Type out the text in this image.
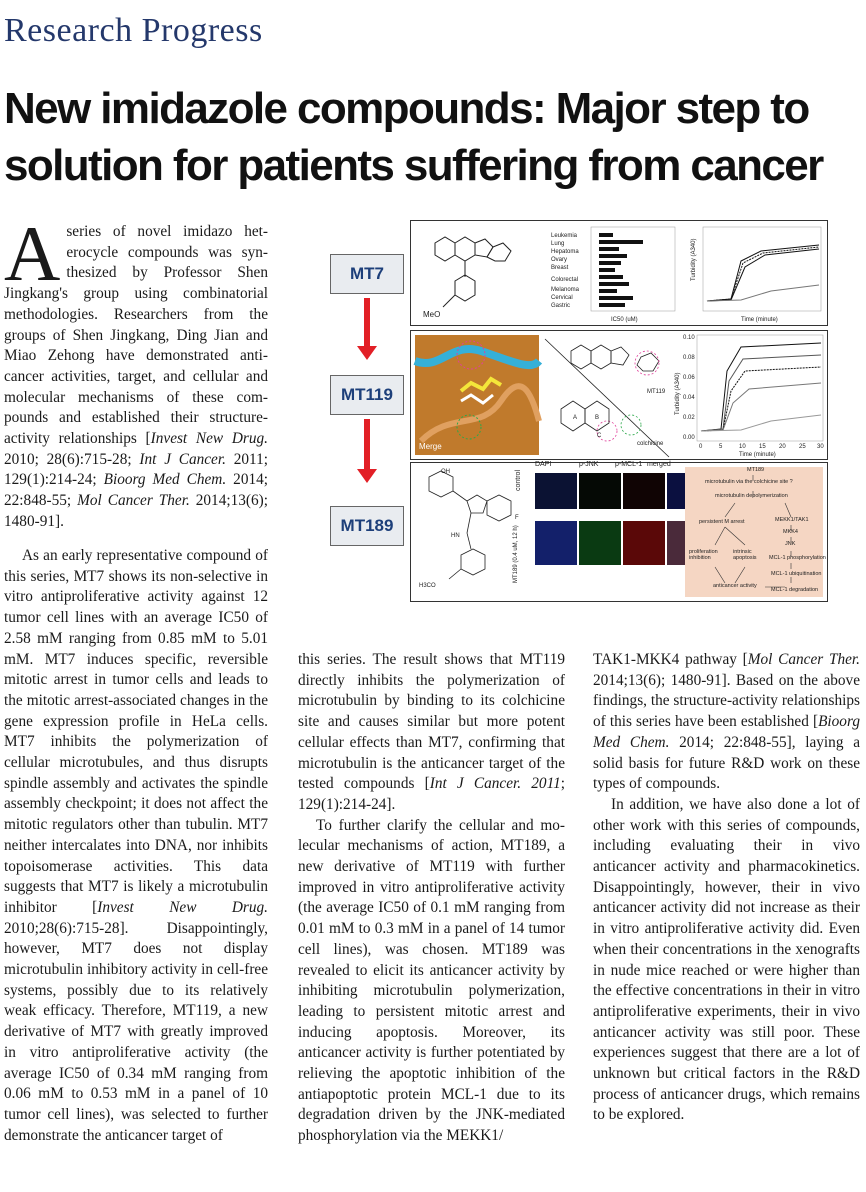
Research Progress
New imidazole compounds: Major step to solution for patients suffering from cancer
MT7
MT119
MT189
MeO
Leukemia
Lung
Hepatoma
Ovary
Breast
Colorectal
Melanoma
Cervical
Gastric
IC50 (uM)	Time (minute)
Turbidity (A340)
Merge
A	B
C
MT119
colchicine
0.10
0.08
0.06
0.04
0.02
0.00
0	5	10 15 20 25 30
Time (minute)
Turbidity (A340)
OH
HN
F
H3CO
DAPI	p-JNK p-MCL-1 merged
control
MT189 (0.4 uM, 12 h)
MT189
microtubulin via the colchicine site ?
microtubulin depolymerization
persistent M arrest	MEKK1/TAK1
MKK4
JNK
proliferation inhibition
intrinsic apoptosis	MCL-1 phosphorylation
MCL-1 ubiquitination
anticancer activity
MCL-1 degradation

Aseries of novel imidazo heterocycle compounds was synthesized by Professor Shen Jingkang's group using combinatorial methodologies. Researchers from the groups of Shen Jingkang, Ding Jian and Miao Zehong have demonstrated anticancer activities, target, and cellular and molecular mechanisms of these compounds and established their structure-activity relationships [Invest New Drug. 2010; 28(6):715-28; Int J Cancer. 2011; 129(1):214-24; Bioorg Med Chem. 2014; 22:848-55; Mol Cancer Ther. 2014;13(6); 1480-91].

As an early representative compound of this series, MT7 shows its non-selective in vitro antiproliferative activity against 12 tumor cell lines with an average IC50 of 2.58 mM ranging from 0.85 mM to 5.01 mM. MT7 induces specific, reversible mitotic arrest in tumor cells and leads to the mitotic arrest-associated changes in the gene expression profile in HeLa cells. MT7 inhibits the polymerization of cellular microtubules, and thus disrupts spindle assembly and activates the spindle assembly checkpoint; it does not affect the mitotic regulators other than tubulin. MT7 neither intercalates into DNA, nor inhibits topoisomerase activities. This data suggests that MT7 is likely a microtubulin inhibitor [Invest New Drug. 2010;28(6):715-28]. Disappointingly, however, MT7 does not display microtubulin inhibitory activity in cell-free systems, possibly due to its relatively weak efficacy. Therefore, MT119, a new derivative of MT7 with greatly improved in vitro antiproliferative activity (the average IC50 of 0.34 mM ranging from 0.06 mM to 0.53 mM in a panel of 10 tumor cell lines), was selected to further demonstrate the anticancer target of

this series. The result shows that MT119 directly inhibits the polymerization of microtubulin by binding to its colchicine site and causes similar but more potent cellular effects than MT7, confirming that microtubulin is the anticancer target of the tested compounds [Int J Cancer. 2011; 129(1):214-24].

To further clarify the cellular and molecular mechanisms of action, MT189, a new derivative of MT119 with further improved in vitro antiproliferative activity (the average IC50 of 0.1 mM ranging from 0.01 mM to 0.3 mM in a panel of 14 tumor cell lines), was chosen. MT189 was revealed to elicit its anticancer activity by inhibiting microtubulin polymerization, leading to persistent mitotic arrest and inducing apoptosis. Moreover, its anticancer activity is further potentiated by relieving the apoptotic inhibition of the antiapoptotic protein MCL-1 due to its degradation driven by the JNK-mediated phosphorylation via the MEKK1/

TAK1-MKK4 pathway [Mol Cancer Ther. 2014;13(6); 1480-91]. Based on the above findings, the structure-activity relationships of this series have been established [Bioorg Med Chem. 2014; 22:848-55], laying a solid basis for future R&D work on these types of compounds.

In addition, we have also done a lot of other work with this series of compounds, including evaluating their in vivo anticancer activity and pharmacokinetics. Disappointingly, however, their in vivo anticancer activity did not increase as their in vitro antiproliferative activity did. Even when their concentrations in the xenografts in nude mice reached or were higher than the effective concentrations in their in vitro antiproliferative experiments, their in vivo anticancer activity was still poor. These experiences suggest that there are a lot of unknown but critical factors in the R&D process of anticancer drugs, which remains to be explored.
